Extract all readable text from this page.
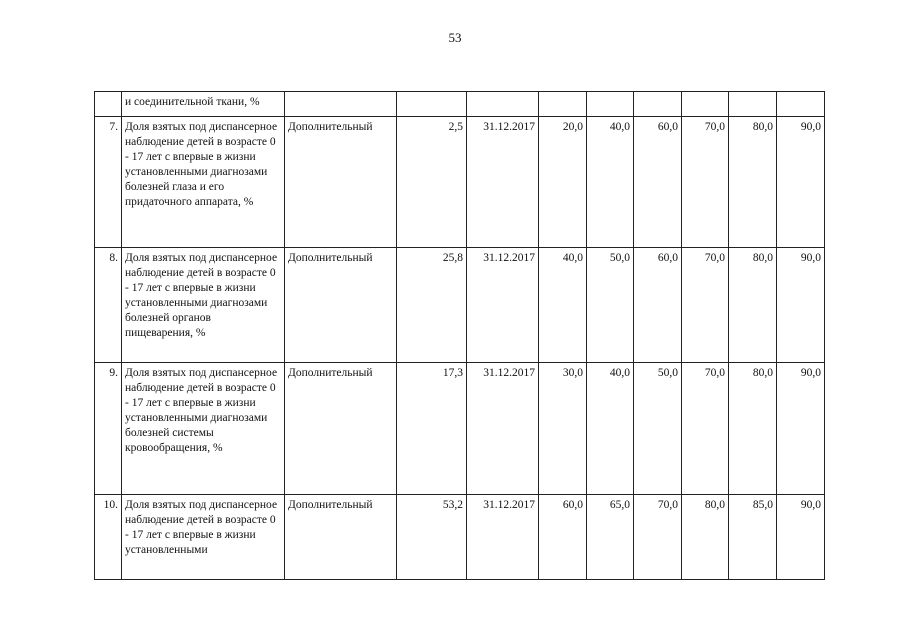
53
	и соединительной ткани, %									
7.	Доля взятых под диспансерное наблюдение детей в возрасте 0 - 17 лет с впервые в жизни установленными диагнозами болезней глаза и его придаточного аппарата, %	Дополнительный	2,5	31.12.2017	20,0	40,0	60,0	70,0	80,0	90,0
8.	Доля взятых под диспансерное наблюдение детей в возрасте 0 - 17 лет с впервые в жизни установленными диагнозами болезней органов пищеварения, %	Дополнительный	25,8	31.12.2017	40,0	50,0	60,0	70,0	80,0	90,0
9.	Доля взятых под диспансерное наблюдение детей в возрасте 0 - 17 лет с впервые в жизни установленными диагнозами болезней системы кровообращения, %	Дополнительный	17,3	31.12.2017	30,0	40,0	50,0	70,0	80,0	90,0
10.	Доля взятых под диспансерное наблюдение детей в возрасте 0 - 17 лет с впервые в жизни установленными	Дополнительный	53,2	31.12.2017	60,0	65,0	70,0	80,0	85,0	90,0
